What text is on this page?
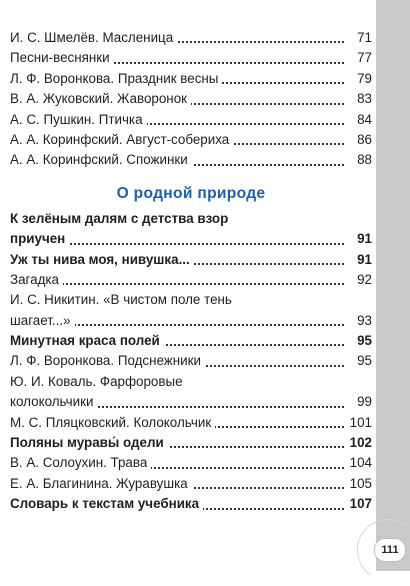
И. С. Шмелёв. Масленица	71
Песни-веснянки	77
Л. Ф. Воронкова. Праздник весны	79
В. А. Жуковский. Жаворонок	83
А. С. Пушкин. Птичка	84
А. А. Коринфский. Август-собериха	86
А. А. Коринфский. Спожинки	88
О родной природе
К зелёным далям с детства взор
приучен	91
Уж ты нива моя, нивушка...	91
Загадка	92
И. С. Никитин. «В чистом поле тень
шагает...»	93
Минутная краса полей	95
Л. Ф. Воронкова. Подснежники	95
Ю. И. Коваль. Фарфоровые
колокольчики	99
М. С. Пляцковский. Колокольчик	101
Поляны муравы́ одели	102
В. А. Солоухин. Трава	104
Е. А. Благинина. Журавушка	105
Словарь к текстам учебника	107
111
